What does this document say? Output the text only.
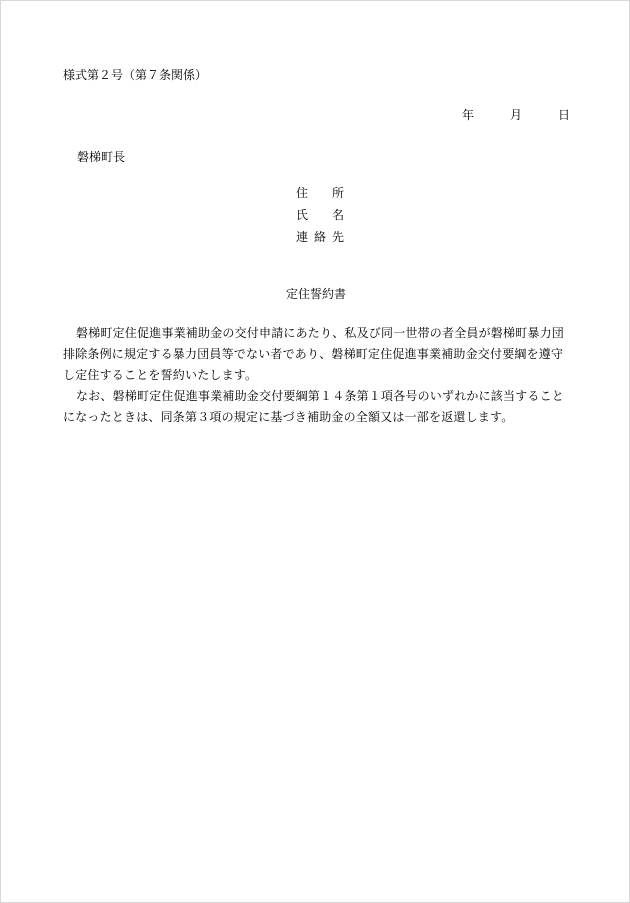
様式第２号（第７条関係）
年	月	日
磐梯町長
住 所
氏 名
連 絡 先
定住誓約書

磐梯町定住促進事業補助金の交付申請にあたり、私及び同一世帯の者全員が磐梯町暴力団排除条例に規定する暴力団員等でない者であり、磐梯町定住促進事業補助金交付要綱を遵守し定住することを誓約いたします。

なお、磐梯町定住促進事業補助金交付要綱第１４条第１項各号のいずれかに該当することになったときは、同条第３項の規定に基づき補助金の全額又は一部を返還します。
